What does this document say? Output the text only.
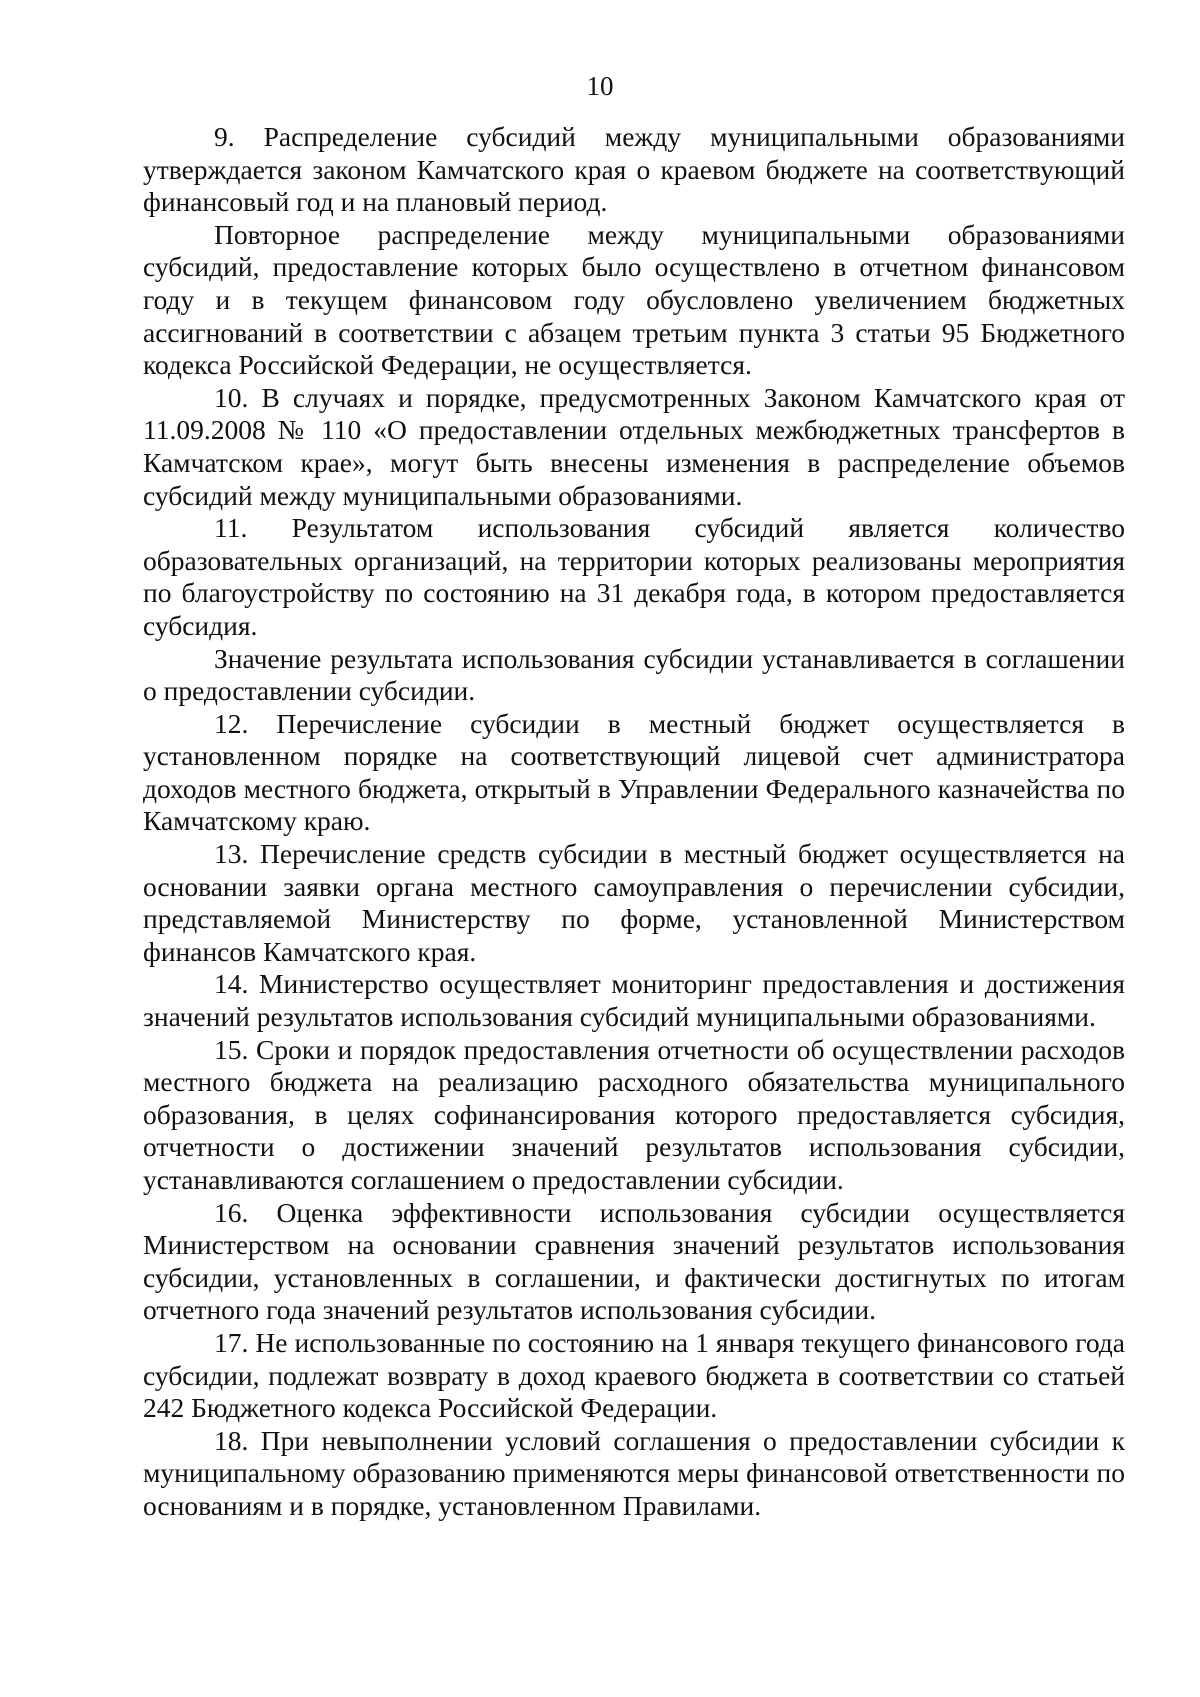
10

9. Распределение субсидий между муниципальными образованиями утверждается законом Камчатского края о краевом бюджете на соответствующий финансовый год и на плановый период.

Повторное распределение между муниципальными образованиями субсидий, предоставление которых было осуществлено в отчетном финансовом году и в текущем финансовом году обусловлено увеличением бюджетных ассигнований в соответствии с абзацем третьим пункта 3 статьи 95 Бюджетного кодекса Российской Федерации, не осуществляется.

10. В случаях и порядке, предусмотренных Законом Камчатского края от 11.09.2008 № 110 «О предоставлении отдельных межбюджетных трансфертов в Камчатском крае», могут быть внесены изменения в распределение объемов субсидий между муниципальными образованиями.

11. Результатом использования субсидий является количество образовательных организаций, на территории которых реализованы мероприятия по благоустройству по состоянию на 31 декабря года, в котором предоставляется субсидия.

Значение результата использования субсидии устанавливается в соглашении о предоставлении субсидии.

12. Перечисление субсидии в местный бюджет осуществляется в установленном порядке на соответствующий лицевой счет администратора доходов местного бюджета, открытый в Управлении Федерального казначейства по Камчатскому краю.

13. Перечисление средств субсидии в местный бюджет осуществляется на основании заявки органа местного самоуправления о перечислении субсидии, представляемой Министерству по форме, установленной Министерством финансов Камчатского края.

14. Министерство осуществляет мониторинг предоставления и достижения значений результатов использования субсидий муниципальными образованиями.

15. Сроки и порядок предоставления отчетности об осуществлении расходов местного бюджета на реализацию расходного обязательства муниципального образования, в целях софинансирования которого предоставляется субсидия, отчетности о достижении значений результатов использования субсидии, устанавливаются соглашением о предоставлении субсидии.

16. Оценка эффективности использования субсидии осуществляется Министерством на основании сравнения значений результатов использования субсидии, установленных в соглашении, и фактически достигнутых по итогам отчетного года значений результатов использования субсидии.

17. Не использованные по состоянию на 1 января текущего финансового года субсидии, подлежат возврату в доход краевого бюджета в соответствии со статьей 242 Бюджетного кодекса Российской Федерации.

18. При невыполнении условий соглашения о предоставлении субсидии к муниципальному образованию применяются меры финансовой ответственности по основаниям и в порядке, установленном Правилами.
